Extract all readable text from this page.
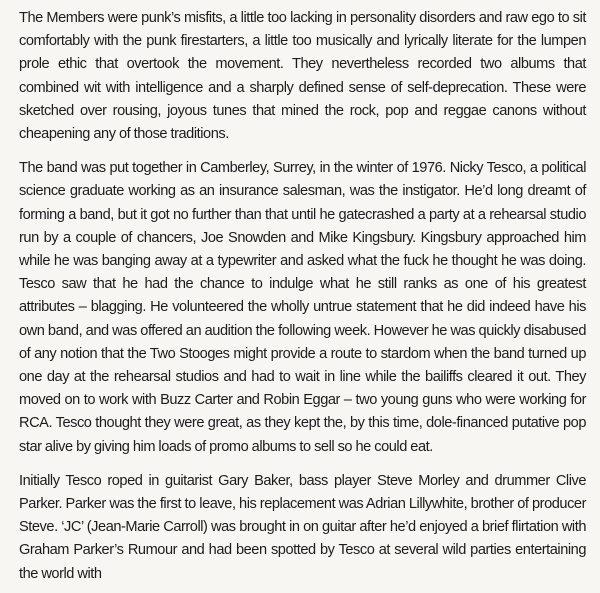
The Members were punk’s misfits, a little too lacking in personality disorders and raw ego to sit comfortably with the punk firestarters, a little too musically and lyrically literate for the lumpen prole ethic that overtook the movement. They nevertheless recorded two albums that combined wit with intelligence and a sharply defined sense of self-deprecation. These were sketched over rousing, joyous tunes that mined the rock, pop and reggae canons without cheapening any of those traditions.

The band was put together in Camberley, Surrey, in the winter of 1976. Nicky Tesco, a political science graduate working as an insurance salesman, was the instigator. He’d long dreamt of forming a band, but it got no further than that until he gatecrashed a party at a rehearsal studio run by a couple of chancers, Joe Snowden and Mike Kingsbury. Kingsbury approached him while he was banging away at a typewriter and asked what the fuck he thought he was doing. Tesco saw that he had the chance to indulge what he still ranks as one of his greatest attributes – blagging. He volunteered the wholly untrue statement that he did indeed have his own band, and was offered an audition the following week. However he was quickly disabused of any notion that the Two Stooges might provide a route to stardom when the band turned up one day at the rehearsal studios and had to wait in line while the bailiffs cleared it out. They moved on to work with Buzz Carter and Robin Eggar – two young guns who were working for RCA. Tesco thought they were great, as they kept the, by this time, dole-financed putative pop star alive by giving him loads of promo albums to sell so he could eat.

Initially Tesco roped in guitarist Gary Baker, bass player Steve Morley and drummer Clive Parker. Parker was the first to leave, his replacement was Adrian Lillywhite, brother of producer Steve. ‘JC’ (Jean-Marie Carroll) was brought in on guitar after he’d enjoyed a brief flirtation with Graham Parker’s Rumour and had been spotted by Tesco at several wild parties entertaining the world with
